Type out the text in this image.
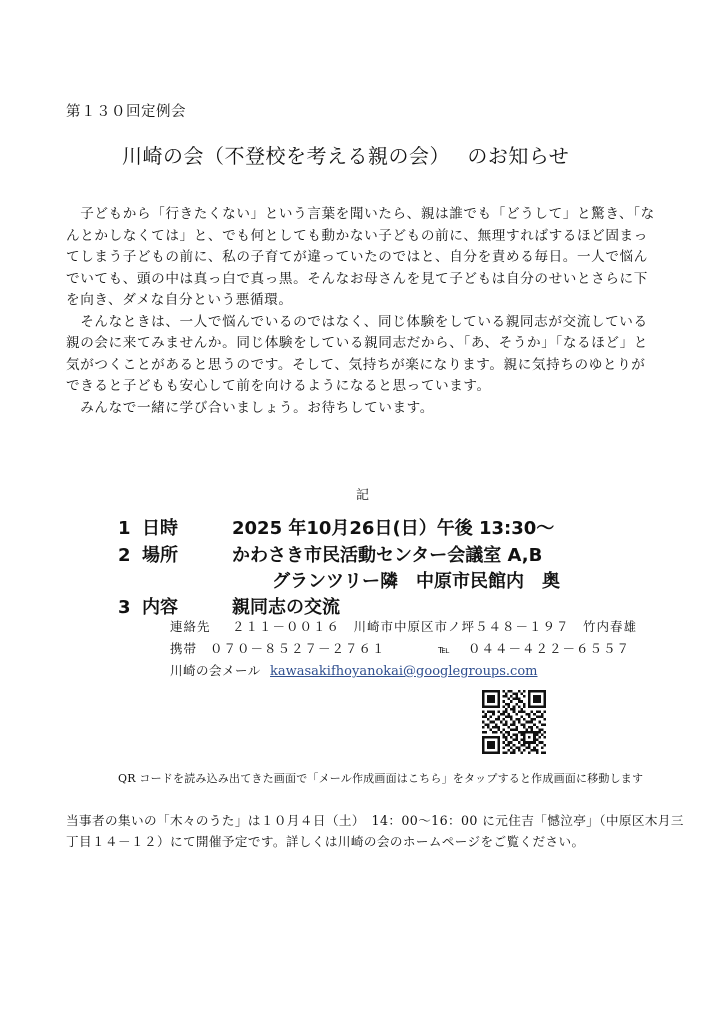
第１３０回定例会
川崎の会（不登校を考える親の会）　 のお知らせ

　子どもから「行きたくない」という言葉を聞いたら、親は誰でも「どうして」と驚き、「な

んとかしなくては」と、でも何としても動かない子どもの前に、無理すればするほど固まっ

てしまう子どもの前に、私の子育てが違っていたのではと、自分を責める毎日。一人で悩ん

でいても、頭の中は真っ白で真っ黒。そんなお母さんを見て子どもは自分のせいとさらに下

を向き、ダメな自分という悪循環。

　そんなときは、一人で悩んでいるのではなく、同じ体験をしている親同志が交流している

親の会に来てみませんか。同じ体験をしている親同志だから、「あ、そうか」「なるほど」と

気がつくことがあると思うのです。そして、気持ちが楽になります。親に気持ちのゆとりが

できると子どもも安心して前を向けるようになると思っています。

　みんなで一緒に学び合いましょう。お待ちしています。

記
1 日時	2025 年10月26日(日）午後 13:30～
2 場所	かわさき市民活動センター会議室 A,B
グランツリー隣　中原市民館内　奥
3 内容	親同志の交流
連絡先 ２１１－００１６　川崎市中原区市ノ坪５４８－１９７　竹内春雄
携帯 ０７０－８５２７－２７６１	℡ ０４４－４２２－６５５７
川崎の会メール kawasakifhoyanokai@googlegroups.com
QR コードを読み込み出てきた画面で「メール作成画面はこちら」をタップすると作成画面に移動します

当事者の集いの「木々のうた」は１０月４日（土）　14：00～16：00 に元住吉「憾泣亭」（中原区木月三

丁目１４－１２）にて開催予定です。詳しくは川崎の会のホームページをご覧ください。
